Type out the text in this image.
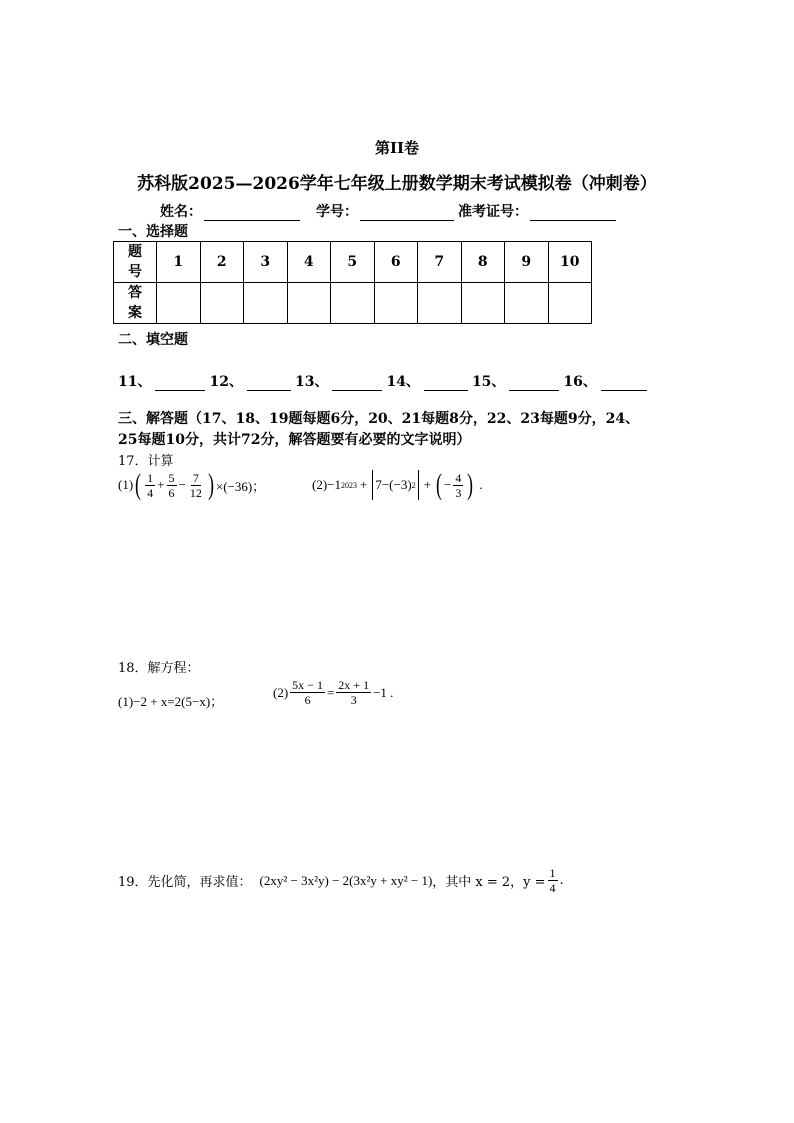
第II卷
苏科版2025—2026学年七年级上册数学期末考试模拟卷（冲刺卷）
姓名：	学号：	准考证号：
一、选择题
题
号	1	2	3	4	5	6	7	8	9	10

答
案										

二、填空题
11、	12、	13、	14、	15、	16、
三、解答题（17、18、19题每题6分，20、21每题8分，22、23每题9分，24、
25每题10分，共计72分，解答题要有必要的文字说明）
17．计算
(1) ( $\frac{1}{4} + \frac{5}{6} - \frac{7}{12}$ ) ×(−36)；	(2)−1 2023 + 7−(−3) 2 + ( − $\frac{4}{3}$ ) .
18．解方程：
(1)−2 + x=2(5−x)；
$(2) \frac{5x - 1}{6} = \frac{2x + 1}{3} -1$ .
19．先化简，再求值： (2xy² − 3x²y) − 2(3x²y + xy² − 1) ，其中 x = 2，$y = \frac{1}{4}$ .
